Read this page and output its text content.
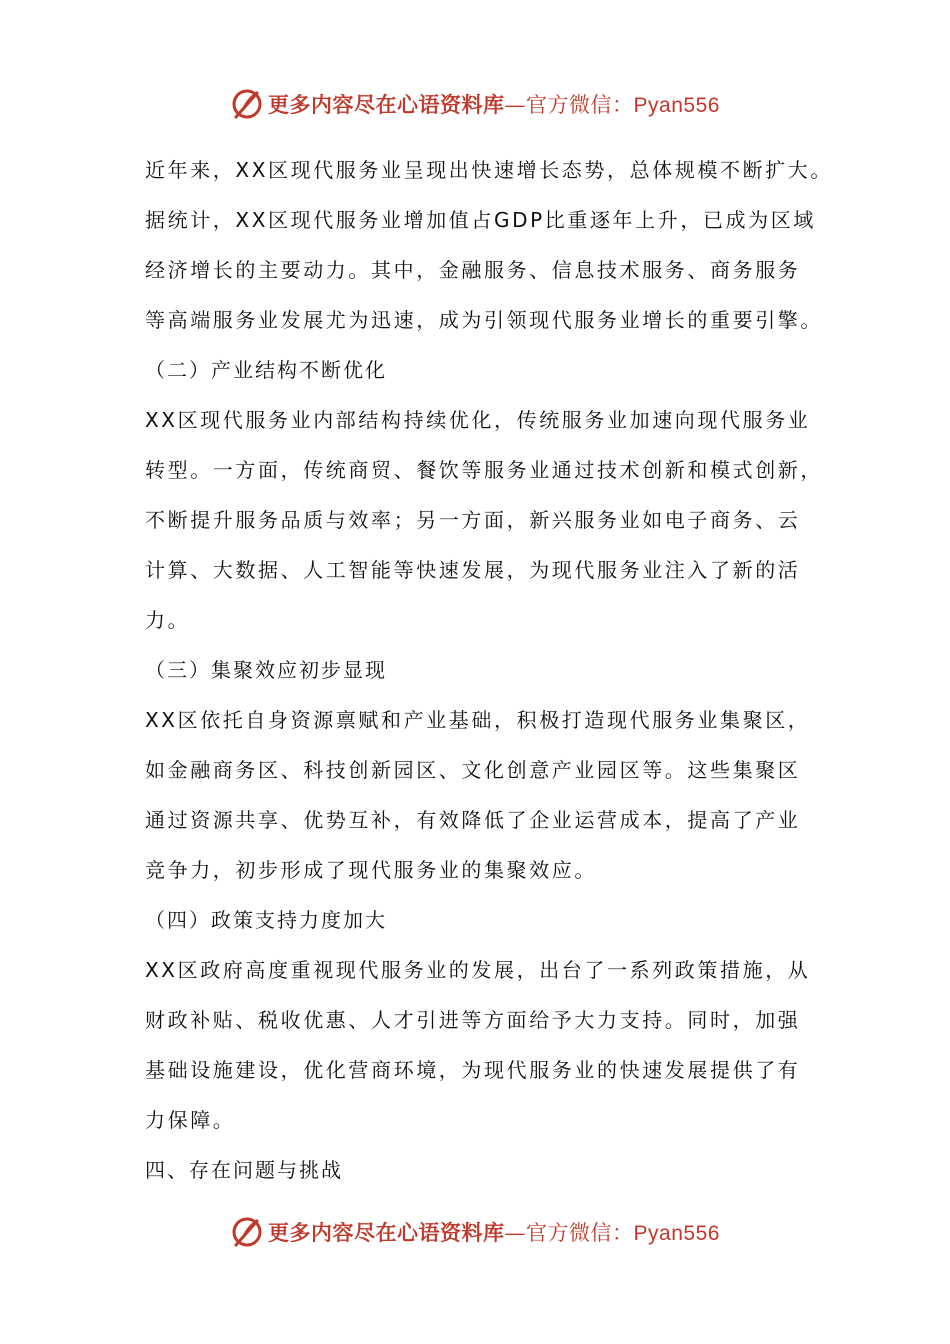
更多内容尽在心语资料库—官方微信：Pyan556
近年来，XX区现代服务业呈现出快速增长态势，总体规模不断扩大。
据统计，XX区现代服务业增加值占GDP比重逐年上升，已成为区域
经济增长的主要动力。其中，金融服务、信息技术服务、商务服务
等高端服务业发展尤为迅速，成为引领现代服务业增长的重要引擎。
（二）产业结构不断优化
XX区现代服务业内部结构持续优化，传统服务业加速向现代服务业
转型。一方面，传统商贸、餐饮等服务业通过技术创新和模式创新，
不断提升服务品质与效率；另一方面，新兴服务业如电子商务、云
计算、大数据、人工智能等快速发展，为现代服务业注入了新的活
力。
（三）集聚效应初步显现
XX区依托自身资源禀赋和产业基础，积极打造现代服务业集聚区，
如金融商务区、科技创新园区、文化创意产业园区等。这些集聚区
通过资源共享、优势互补，有效降低了企业运营成本，提高了产业
竞争力，初步形成了现代服务业的集聚效应。
（四）政策支持力度加大
XX区政府高度重视现代服务业的发展，出台了一系列政策措施，从
财政补贴、税收优惠、人才引进等方面给予大力支持。同时，加强
基础设施建设，优化营商环境，为现代服务业的快速发展提供了有
力保障。
四、存在问题与挑战
更多内容尽在心语资料库—官方微信：Pyan556
